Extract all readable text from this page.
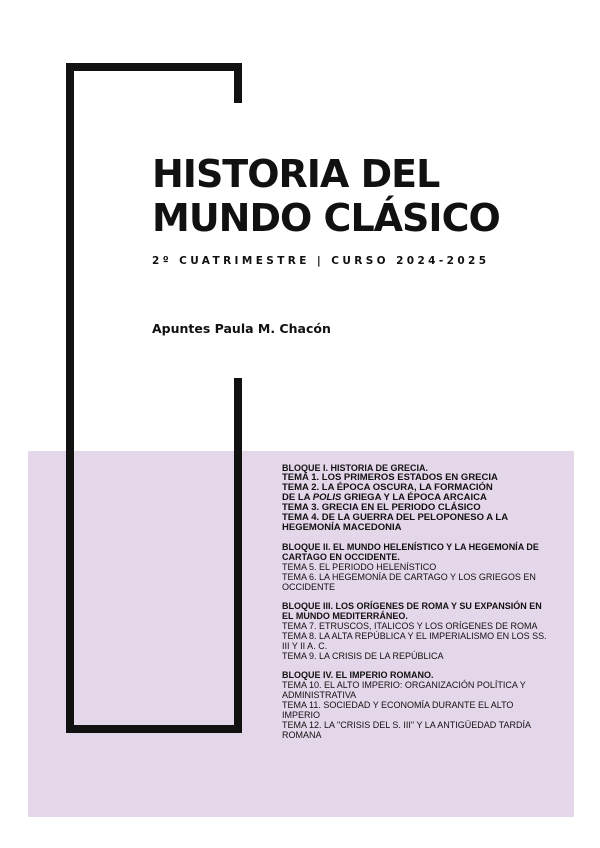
HISTORIA DEL
MUNDO CLÁSICO

2º CUATRIMESTRE | CURSO 2024-2025

Apuntes Paula M. Chacón

BLOQUE I. HISTORIA DE GRECIA.
TEMA 1. LOS PRIMEROS ESTADOS EN GRECIA
TEMA 2. LA ÉPOCA OSCURA, LA FORMACIÓN
DE LA POLIS GRIEGA Y LA ÉPOCA ARCAICA
TEMA 3. GRECIA EN EL PERIODO CLÁSICO
TEMA 4. DE LA GUERRA DEL PELOPONESO A LA HEGEMONÍA MACEDONIA
BLOQUE II. EL MUNDO HELENÍSTICO Y LA HEGEMONÍA DE CARTAGO EN OCCIDENTE.
TEMA 5. EL PERIODO HELENÍSTICO
TEMA 6. LA HEGEMONÍA DE CARTAGO Y LOS GRIEGOS EN OCCIDENTE
BLOQUE III. LOS ORÍGENES DE ROMA Y SU EXPANSIÓN EN EL MUNDO MEDITERRÁNEO.
TEMA 7. ETRUSCOS, ITALICOS Y LOS ORÍGENES DE ROMA
TEMA 8. LA ALTA REPÚBLICA Y EL IMPERIALISMO EN LOS SS. III Y II A. C.
TEMA 9. LA CRISIS DE LA REPÚBLICA
BLOQUE IV. EL IMPERIO ROMANO.
TEMA 10. EL ALTO IMPERIO: ORGANIZACIÓN POLÍTICA Y ADMINISTRATIVA
TEMA 11. SOCIEDAD Y ECONOMÍA DURANTE EL ALTO IMPERIO
TEMA 12. LA "CRISIS DEL S. III" Y LA ANTIGÜEDAD TARDÍA ROMANA
